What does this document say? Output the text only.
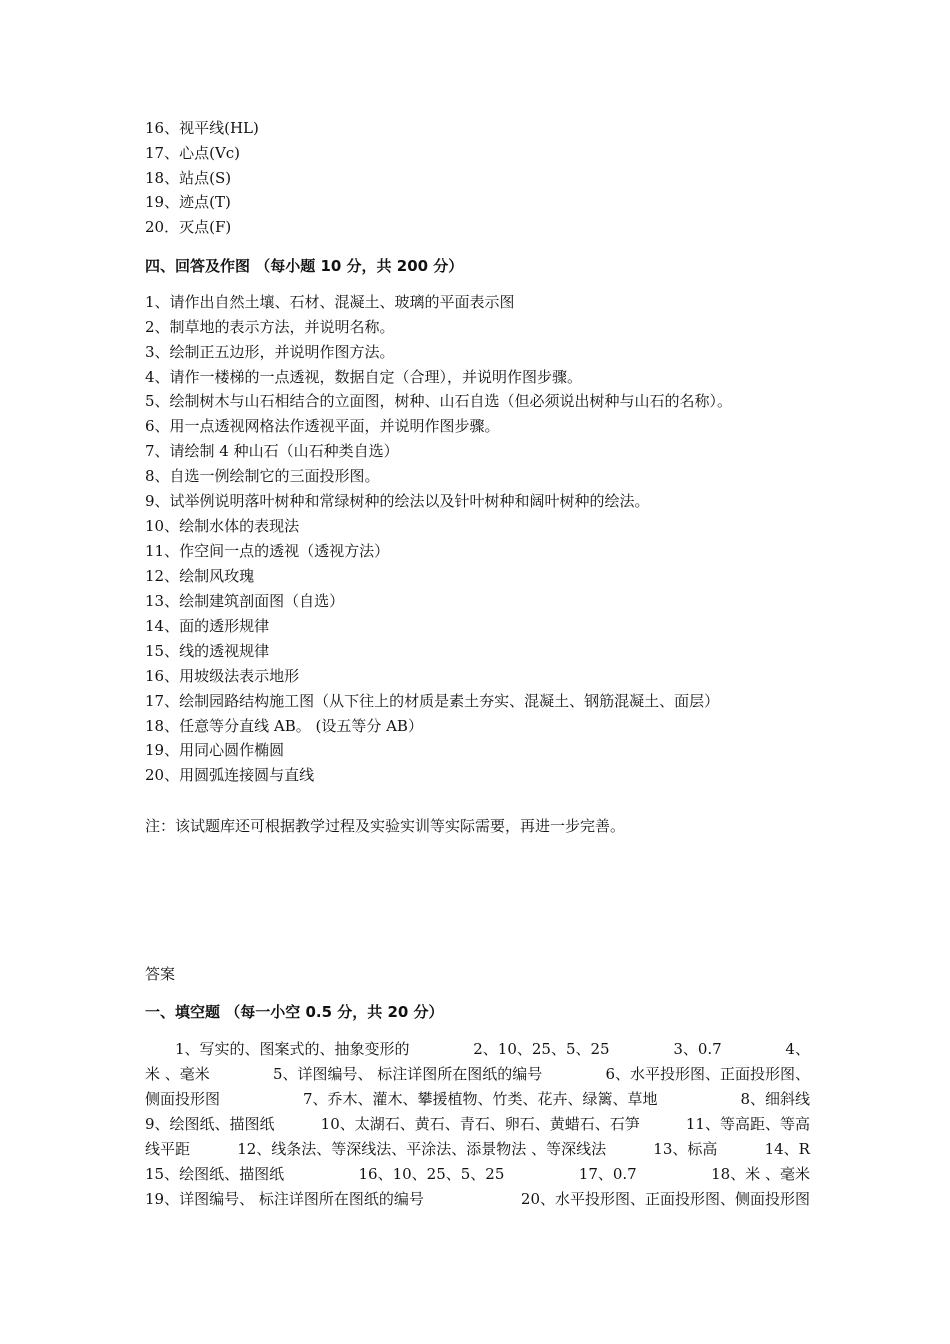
16、视平线(HL)
17、心点(Vc)
18、站点(S)
19、迹点(T)
20．灭点(F)
四、回答及作图 （每小题 10 分，共 200 分）
1、请作出自然土壤、石材、混凝土、玻璃的平面表示图
2、制草地的表示方法，并说明名称。
3、绘制正五边形，并说明作图方法。
4、请作一楼梯的一点透视，数据自定（合理），并说明作图步骤。
5、绘制树木与山石相结合的立面图，树种、山石自选（但必须说出树种与山石的名称）。
6、用一点透视网格法作透视平面，并说明作图步骤。
7、请绘制 4 种山石（山石种类自选）
8、自选一例绘制它的三面投形图。
9、试举例说明落叶树种和常绿树种的绘法以及针叶树种和阔叶树种的绘法。
10、绘制水体的表现法
11、作空间一点的透视（透视方法）
12、绘制风玫瑰
13、绘制建筑剖面图（自选）
14、面的透形规律
15、线的透视规律
16、用坡级法表示地形
17、绘制园路结构施工图（从下往上的材质是素土夯实、混凝土、钢筋混凝土、面层）
18、任意等分直线 AB。 (设五等分 AB）
19、用同心圆作椭圆
20、用圆弧连接圆与直线
注：该试题库还可根据教学过程及实验实训等实际需要，再进一步完善。
答案
一、填空题 （每一小空 0.5 分，共 20 分）
　　1、写实的、图案式的、抽象变形的	2、10、25、5、25	3、0.7	4、
米 、毫米	5、详图编号、 标注详图所在图纸的编号	6、水平投形图、正面投形图、
侧面投形图	7、乔木、灌木、攀援植物、竹类、花卉、绿篱、草地	8、细斜线
9、绘图纸、描图纸	10、太湖石、黄石、青石、卵石、黄蜡石、石笋	11、等高距、等高
线平距	12、线条法、等深线法、平涂法、添景物法 、等深线法	13、标高	14、R
15、绘图纸、描图纸	16、10、25、5、25	17、0.7	18、米 、毫米
19、详图编号、 标注详图所在图纸的编号	20、水平投形图、正面投形图、侧面投形图
